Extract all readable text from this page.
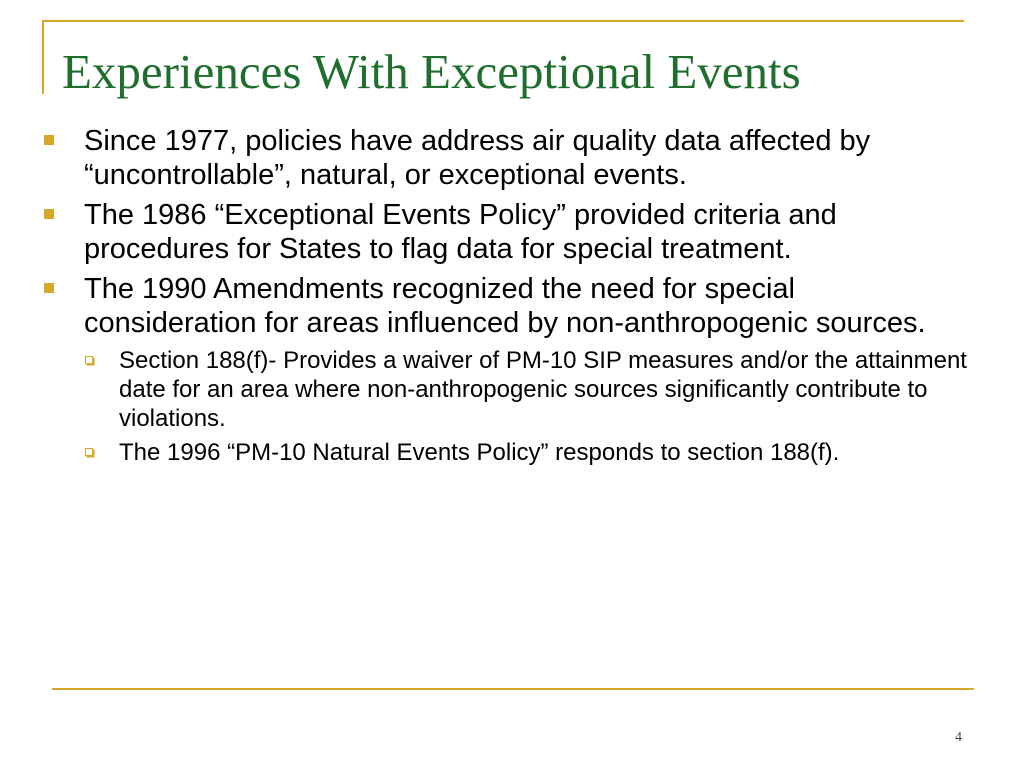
Experiences With Exceptional Events
Since 1977, policies have address air quality data affected by “uncontrollable”, natural, or exceptional events.
The 1986 “Exceptional Events Policy” provided criteria and procedures for States to flag data for special treatment.
The 1990 Amendments recognized the need for special consideration for areas influenced by non-anthropogenic sources.
Section 188(f)- Provides a waiver of PM-10 SIP measures and/or the attainment date for an area where non-anthropogenic sources significantly contribute to violations.
The 1996 “PM-10 Natural Events Policy” responds to section 188(f).
4
